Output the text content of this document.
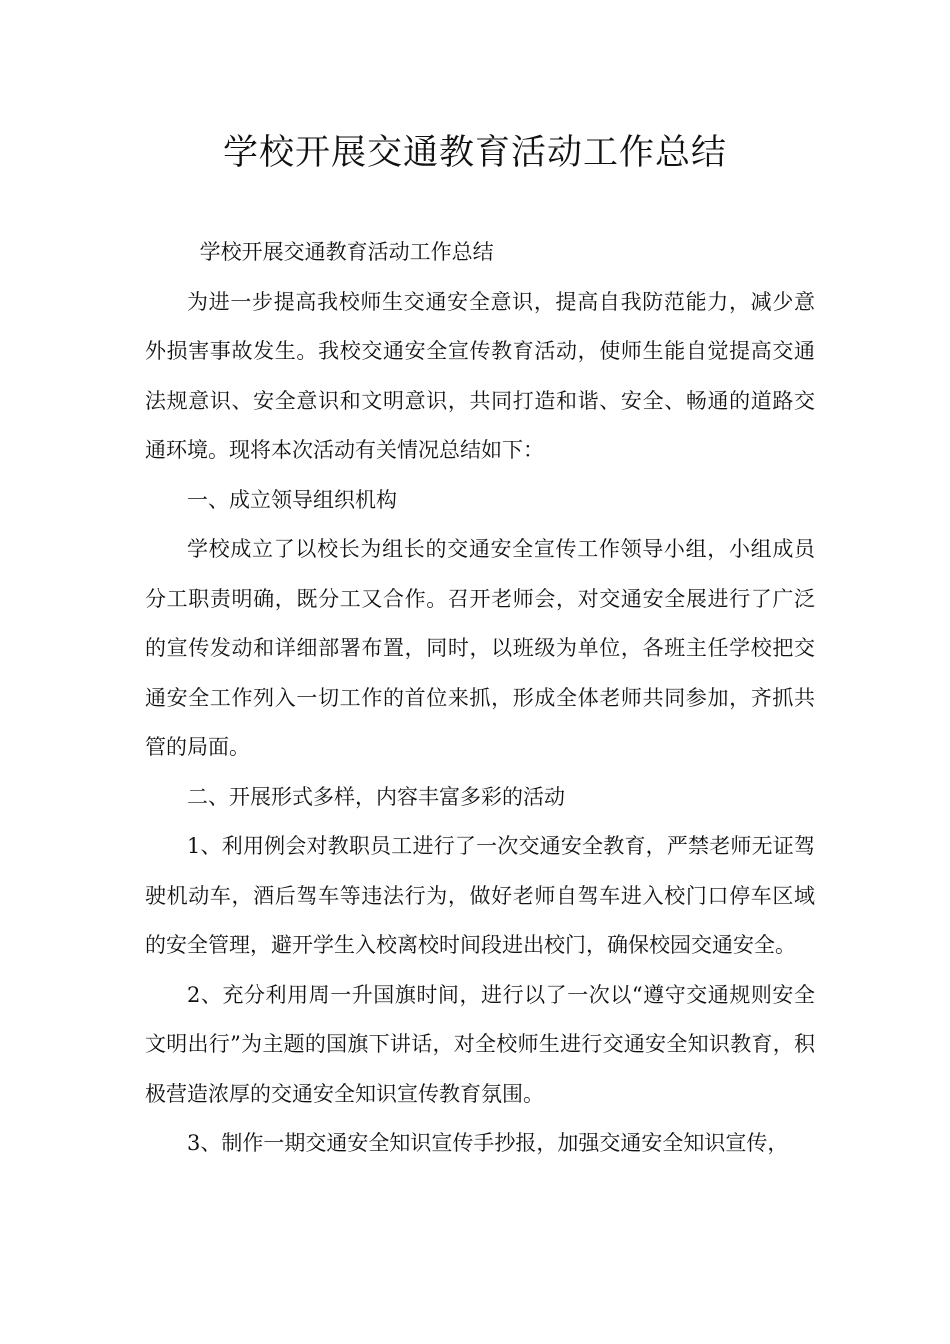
学校开展交通教育活动工作总结

学校开展交通教育活动工作总结

为进一步提高我校师生交通安全意识，提高自我防范能力，减少意外损害事故发生。我校交通安全宣传教育活动，使师生能自觉提高交通法规意识、安全意识和文明意识，共同打造和谐、安全、畅通的道路交通环境。现将本次活动有关情况总结如下：

一、成立领导组织机构

学校成立了以校长为组长的交通安全宣传工作领导小组，小组成员分工职责明确，既分工又合作。召开老师会，对交通安全展进行了广泛的宣传发动和详细部署布置，同时，以班级为单位，各班主任学校把交通安全工作列入一切工作的首位来抓，形成全体老师共同参加，齐抓共管的局面。

二、开展形式多样，内容丰富多彩的活动

1、利用例会对教职员工进行了一次交通安全教育，严禁老师无证驾驶机动车，酒后驾车等违法行为，做好老师自驾车进入校门口停车区域的安全管理，避开学生入校离校时间段进出校门，确保校园交通安全。

2、充分利用周一升国旗时间，进行以了一次以“遵守交通规则安全文明出行”为主题的国旗下讲话，对全校师生进行交通安全知识教育，积极营造浓厚的交通安全知识宣传教育氛围。

3、制作一期交通安全知识宣传手抄报，加强交通安全知识宣传，
